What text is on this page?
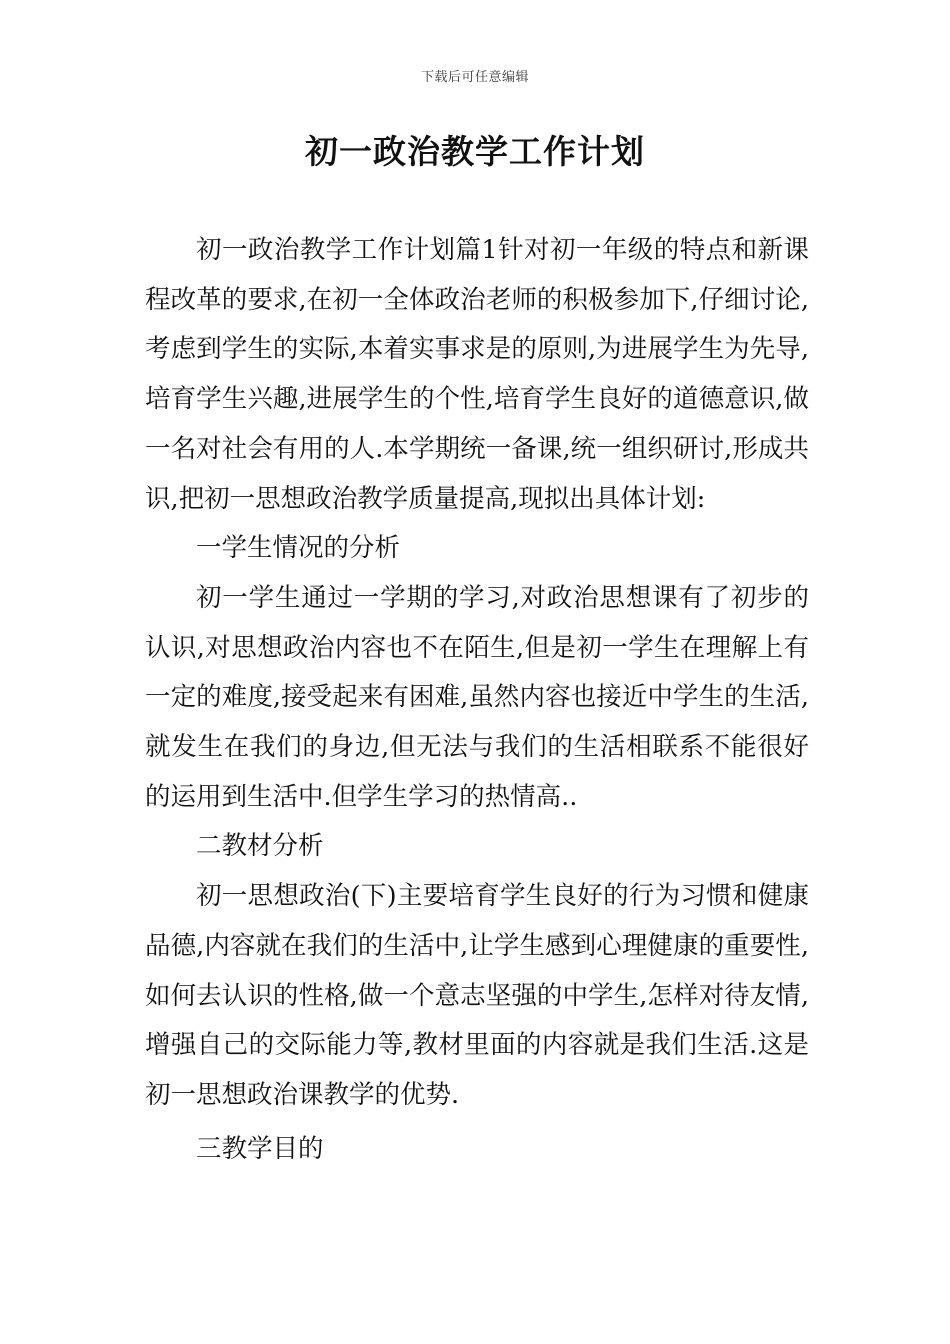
下载后可任意编辑
初一政治教学工作计划

初一政治教学工作计划篇1针对初一年级的特点和新课程改革的要求,在初一全体政治老师的积极参加下,仔细讨论,考虑到学生的实际,本着实事求是的原则,为进展学生为先导,培育学生兴趣,进展学生的个性,培育学生良好的道德意识,做一名对社会有用的人.本学期统一备课,统一组织研讨,形成共识,把初一思想政治教学质量提高,现拟出具体计划:

一学生情况的分析

初一学生通过一学期的学习,对政治思想课有了初步的认识,对思想政治内容也不在陌生,但是初一学生在理解上有一定的难度,接受起来有困难,虽然内容也接近中学生的生活,就发生在我们的身边,但无法与我们的生活相联系不能很好的运用到生活中.但学生学习的热情高..

二教材分析

初一思想政治(下)主要培育学生良好的行为习惯和健康品德,内容就在我们的生活中,让学生感到心理健康的重要性,如何去认识的性格,做一个意志坚强的中学生,怎样对待友情,增强自己的交际能力等,教材里面的内容就是我们生活.这是初一思想政治课教学的优势.

三教学目的
